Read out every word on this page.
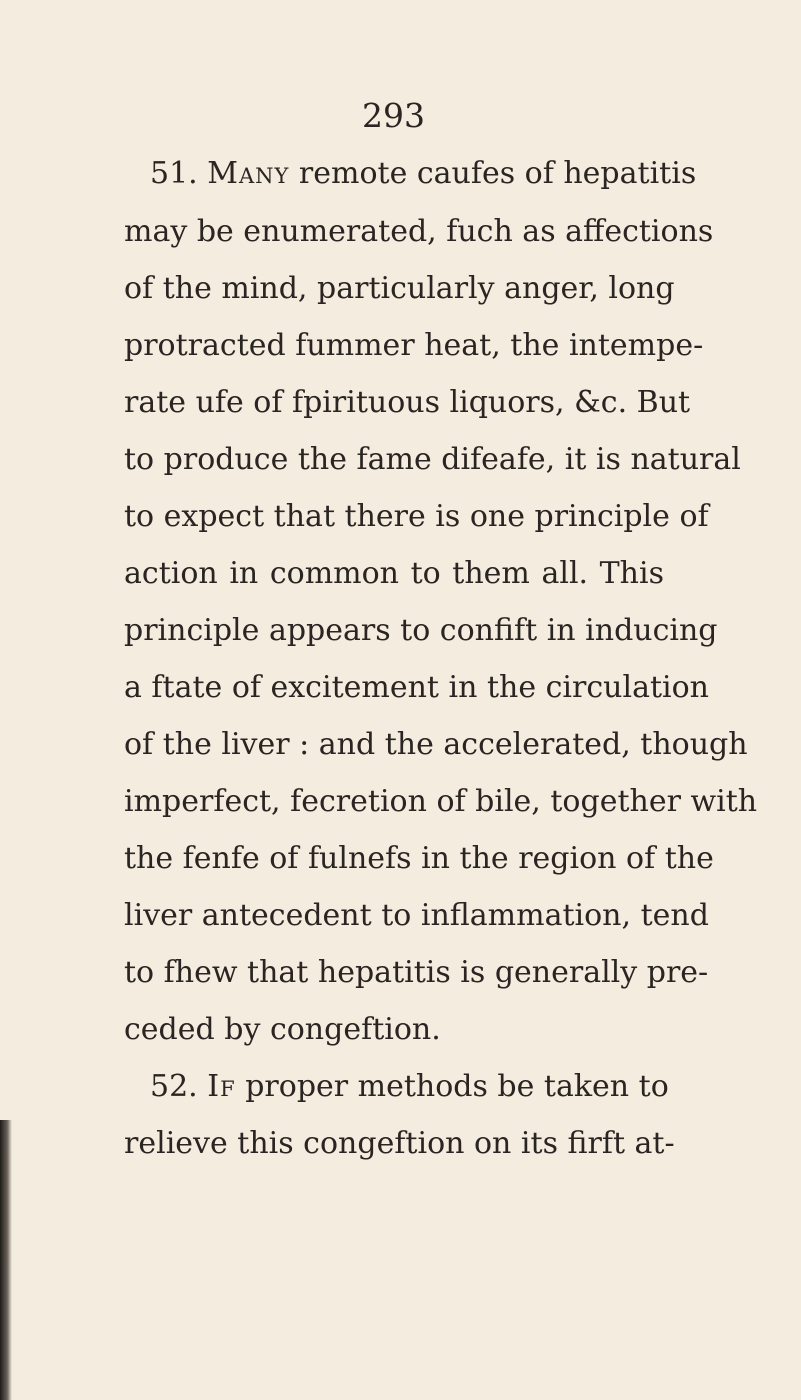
293
51. Many remote caufes of hepatitis
may be enumerated, fuch as affections
of the mind, particularly anger, long
protracted fummer heat, the intempe-
rate ufe of fpirituous liquors, &c. But
to produce the fame difeafe, it is natural
to expect that there is one principle of
action in common to them all. This
principle appears to confift in inducing
a ftate of excitement in the circulation
of the liver : and the accelerated, though
imperfect, fecretion of bile, together with
the fenfe of fulnefs in the region of the
liver antecedent to inflammation, tend
to fhew that hepatitis is generally pre-
ceded by congeftion.
52. If proper methods be taken to
relieve this congeftion on its firft at-
